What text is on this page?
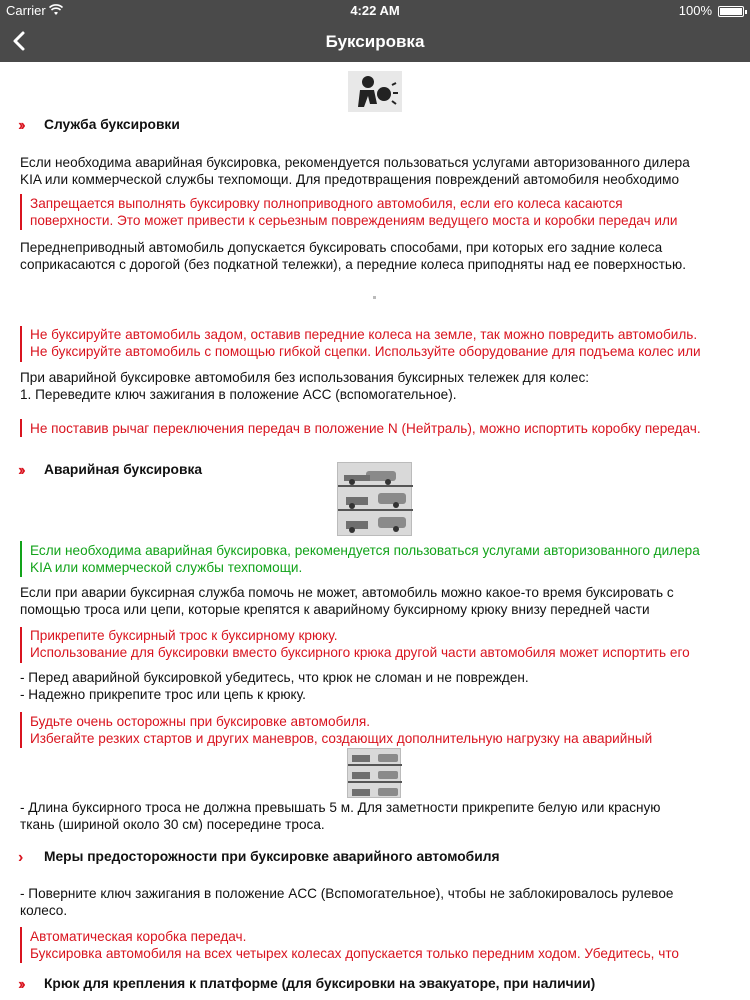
Carrier	4:22 AM	100%
Буксировка
›› Служба буксировки
Если необходима аварийная буксировка, рекомендуется пользоваться услугами авторизованного дилера
KIA или коммерческой службы техпомощи. Для предотвращения повреждений автомобиля необходимо
Запрещается выполнять буксировку полноприводного автомобиля, если его колеса касаются
поверхности. Это может привести к серьезным повреждениям ведущего моста и коробки передач или
Переднеприводный автомобиль допускается буксировать способами, при которых его задние колеса
соприкасаются с дорогой (без подкатной тележки), а передние колеса приподняты над ее поверхностью.
Не буксируйте автомобиль задом, оставив передние колеса на земле, так можно повредить автомобиль.
Не буксируйте автомобиль с помощью гибкой сцепки. Используйте оборудование для подъема колес или
При аварийной буксировке автомобиля без использования буксирных тележек для колес:
1. Переведите ключ зажигания в положение ACC (вспомогательное).
Не поставив рычаг переключения передач в положение N (Нейтраль), можно испортить коробку передач.
›› Аварийная буксировка
Если необходима аварийная буксировка, рекомендуется пользоваться услугами авторизованного дилера
KIA или коммерческой службы техпомощи.
Если при аварии буксирная служба помочь не может, автомобиль можно какое-то время буксировать с
помощью троса или цепи, которые крепятся к аварийному буксирному крюку внизу передней части
Прикрепите буксирный трос к буксирному крюку.
Использование для буксировки вместо буксирного крюка другой части автомобиля может испортить его
- Перед аварийной буксировкой убедитесь, что крюк не сломан и не поврежден.
- Надежно прикрепите трос или цепь к крюку.
Будьте очень осторожны при буксировке автомобиля.
Избегайте резких стартов и других маневров, создающих дополнительную нагрузку на аварийный
- Длина буксирного троса не должна превышать 5 м. Для заметности прикрепите белую или красную
ткань (шириной около 30 см) посередине троса.
› Меры предосторожности при буксировке аварийного автомобиля
- Поверните ключ зажигания в положение ACC (Вспомогательное), чтобы не заблокировалось рулевое
колесо.
Автоматическая коробка передач.
Буксировка автомобиля на всех четырех колесах допускается только передним ходом. Убедитесь, что
›› Крюк для крепления к платформе (для буксировки на эвакуаторе, при наличии)
